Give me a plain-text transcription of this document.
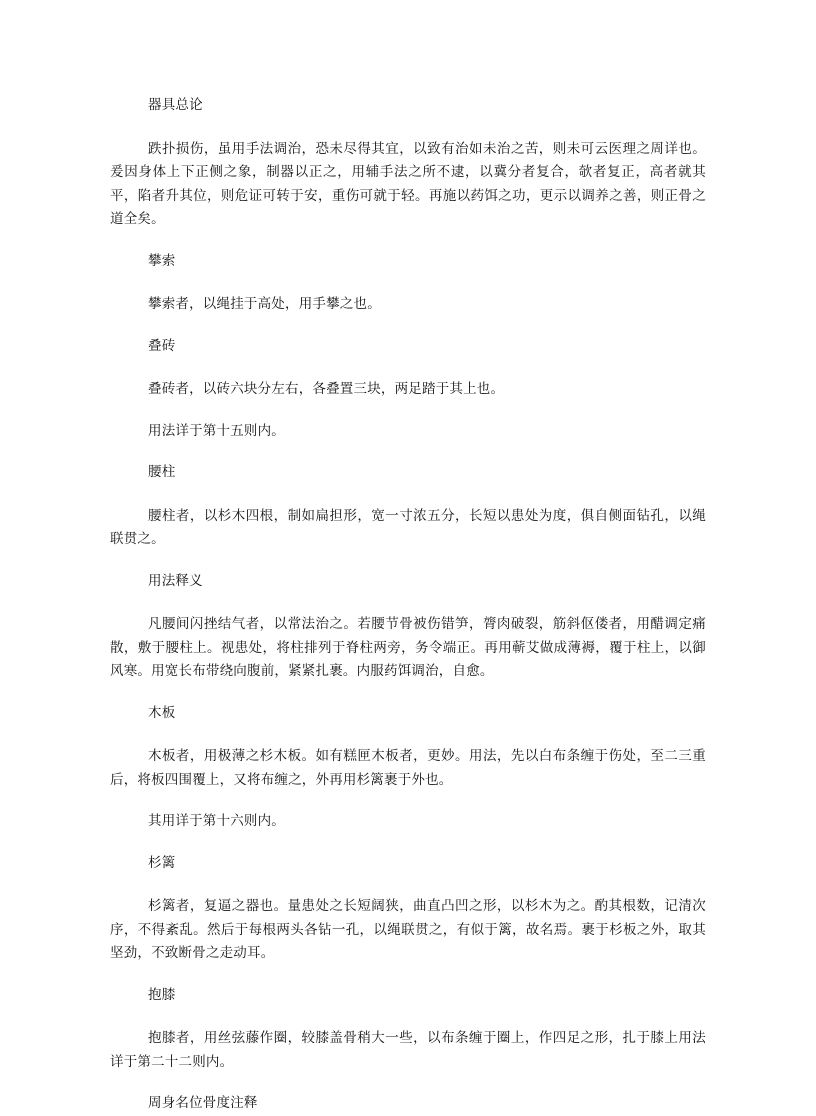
器具总论
跌扑损伤，虽用手法调治，恐未尽得其宜，以致有治如未治之苦，则未可云医理之周详也。爰因身体上下正侧之象，制器以正之，用辅手法之所不逮，以冀分者复合，欹者复正，高者就其平，陷者升其位，则危证可转于安，重伤可就于轻。再施以药饵之功，更示以调养之善，则正骨之道全矣。
攀索
攀索者，以绳挂于高处，用手攀之也。
叠砖
叠砖者，以砖六块分左右，各叠置三块，两足踏于其上也。
用法详于第十五则内。
腰柱
腰柱者，以杉木四根，制如扁担形，宽一寸浓五分，长短以患处为度，俱自侧面钻孔，以绳联贯之。
用法释义
凡腰间闪挫结气者，以常法治之。若腰节骨被伤错笋，膂肉破裂，筋斜伛偻者，用醋调定痛散，敷于腰柱上。视患处，将柱排列于脊柱两旁，务令端正。再用蕲艾做成薄褥，覆于柱上，以御风寒。用宽长布带绕向腹前，紧紧扎裹。内服药饵调治，自愈。
木板
木板者，用极薄之杉木板。如有糕匣木板者，更妙。用法，先以白布条缠于伤处，至二三重后，将板四围覆上，又将布缠之，外再用杉篱裹于外也。
其用详于第十六则内。
杉篱
杉篱者，复逼之器也。量患处之长短阔狭，曲直凸凹之形，以杉木为之。酌其根数，记清次序，不得紊乱。然后于每根两头各钻一孔，以绳联贯之，有似于篱，故名焉。裹于杉板之外，取其坚劲，不致断骨之走动耳。
抱膝
抱膝者，用丝弦藤作圈，较膝盖骨稍大一些，以布条缠于圈上，作四足之形，扎于膝上用法详于第二十二则内。
周身名位骨度注释
